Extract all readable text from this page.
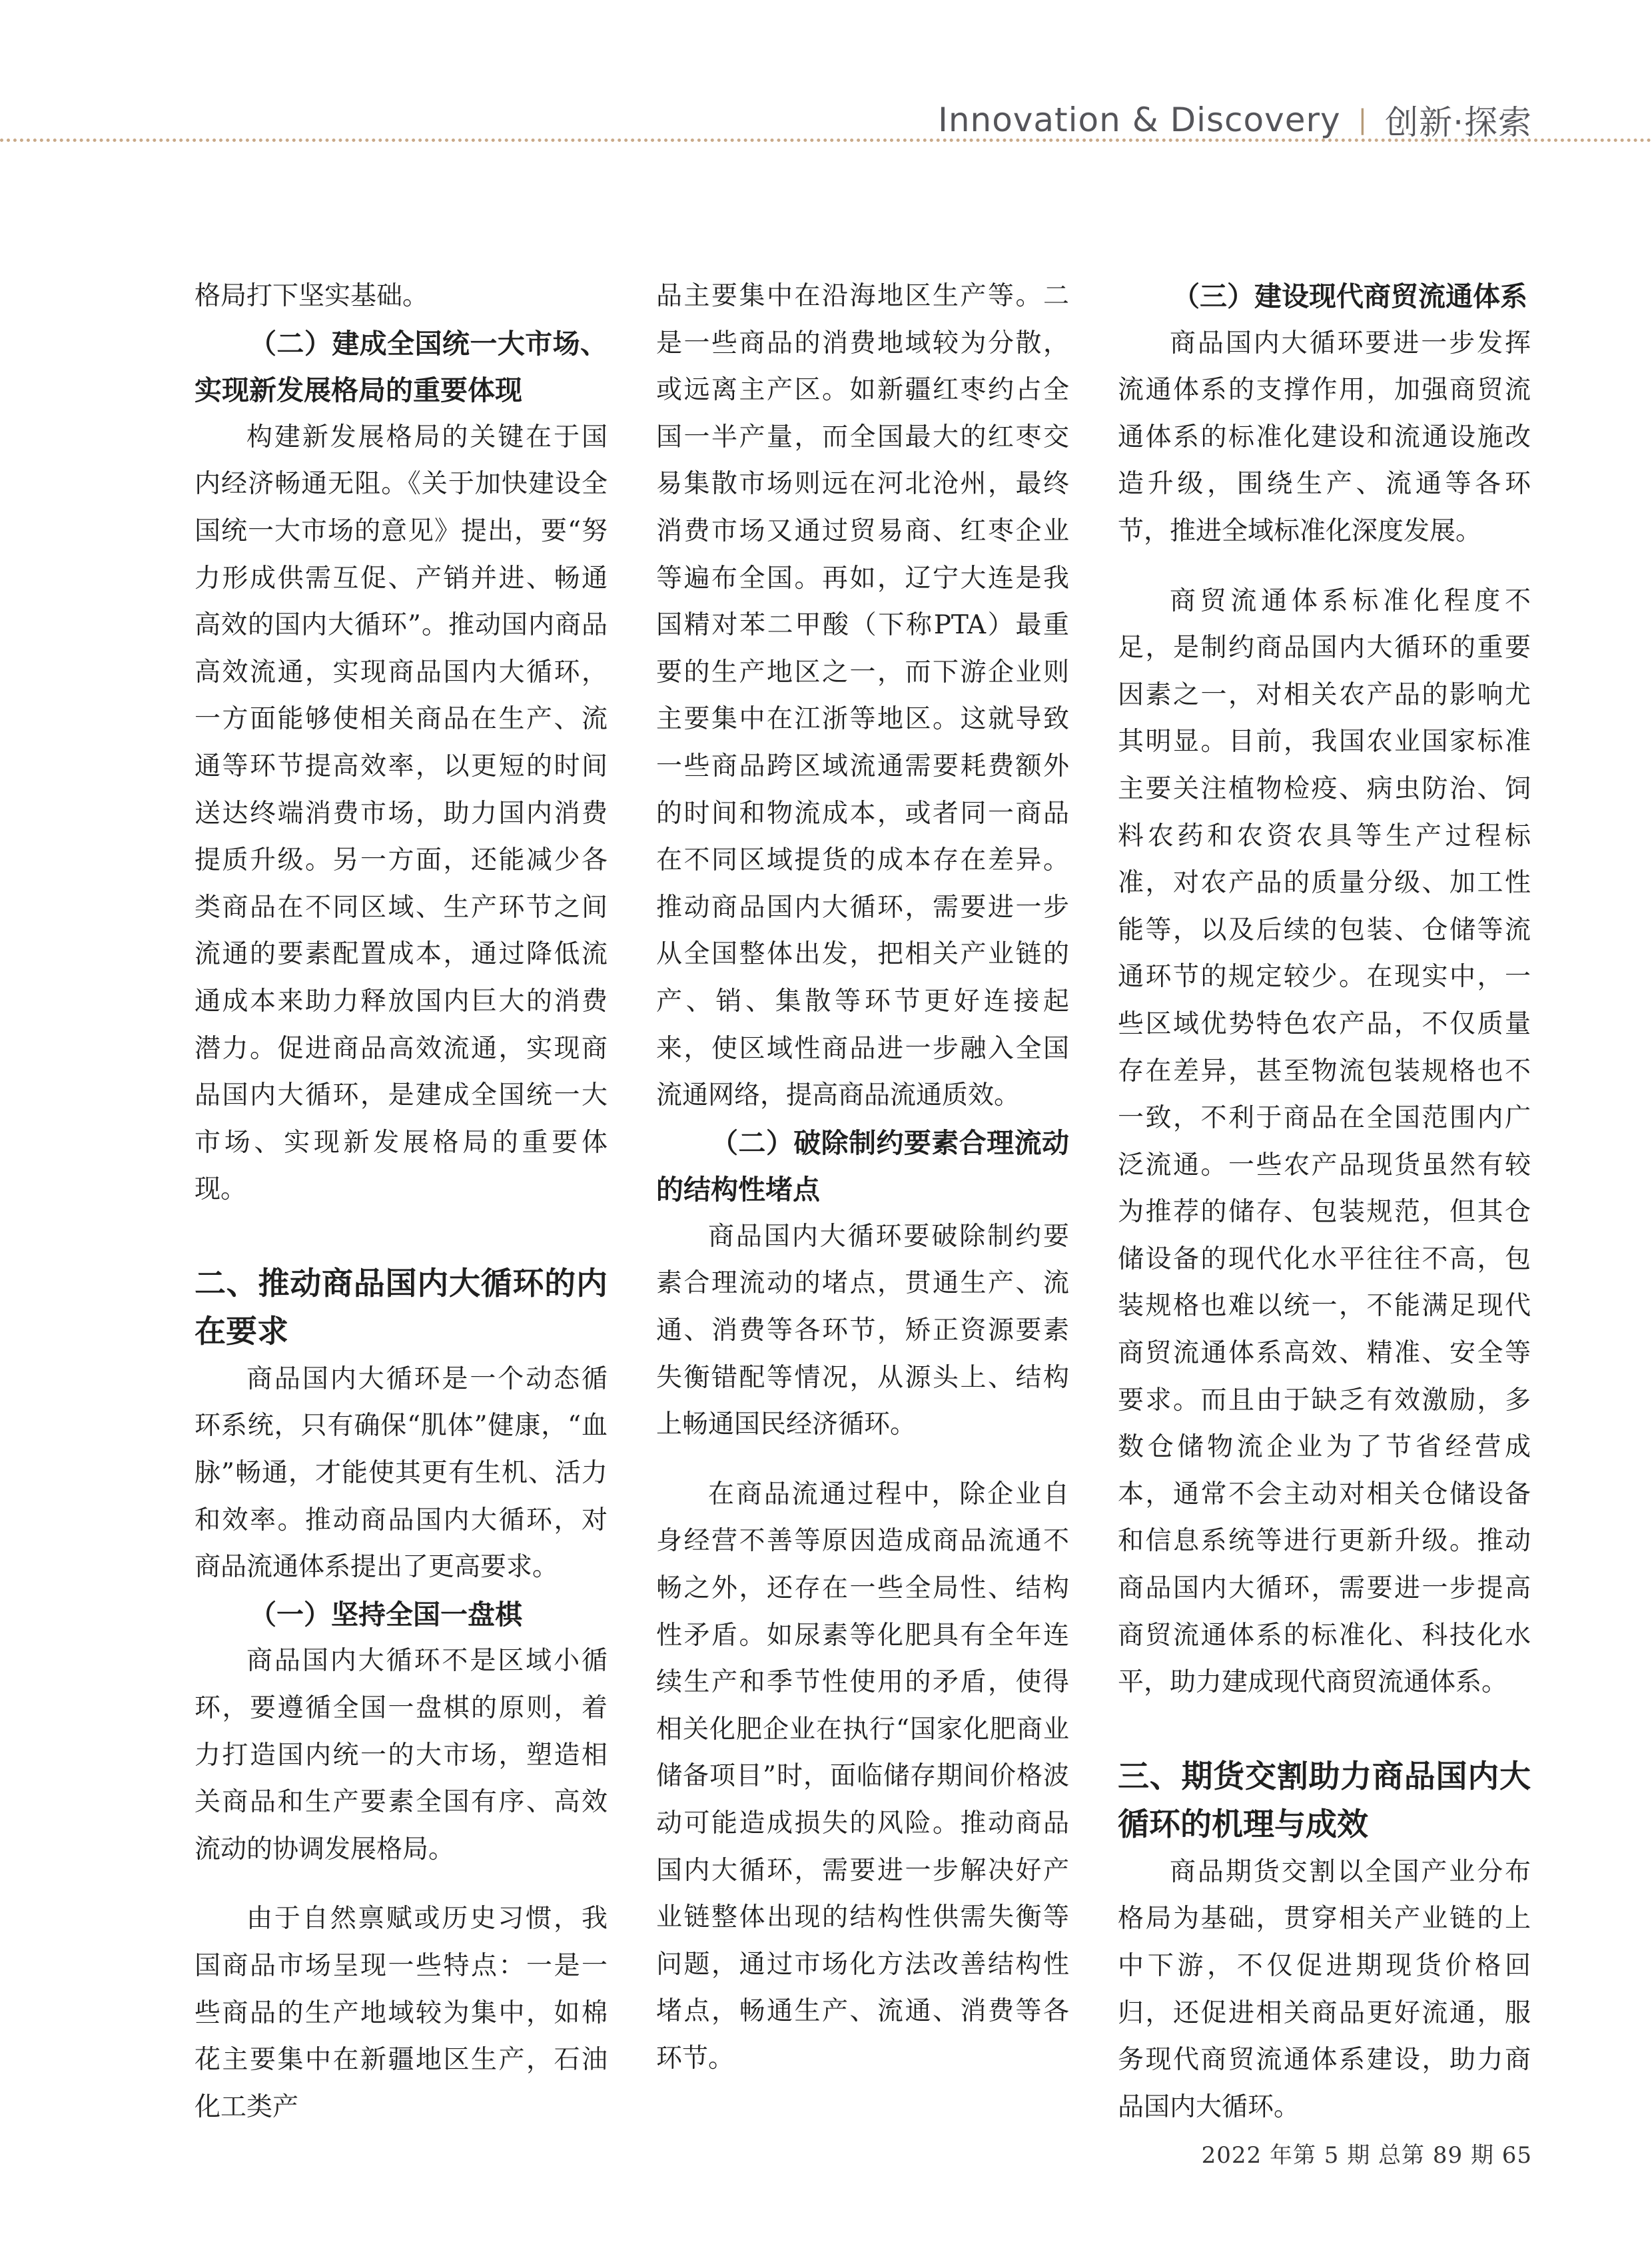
Innovation & Discovery | 创新·探索

格局打下坚实基础。

（二）建成全国统一大市场、实现新发展格局的重要体现

构建新发展格局的关键在于国内经济畅通无阻。《关于加快建设全国统一大市场的意见》提出，要“努力形成供需互促、产销并进、畅通高效的国内大循环”。推动国内商品高效流通，实现商品国内大循环，一方面能够使相关商品在生产、流通等环节提高效率，以更短的时间送达终端消费市场，助力国内消费提质升级。另一方面，还能减少各类商品在不同区域、生产环节之间流通的要素配置成本，通过降低流通成本来助力释放国内巨大的消费潜力。促进商品高效流通，实现商品国内大循环，是建成全国统一大市场、实现新发展格局的重要体现。

二、推动商品国内大循环的内在要求

商品国内大循环是一个动态循环系统，只有确保“肌体”健康，“血脉”畅通，才能使其更有生机、活力和效率。推动商品国内大循环，对商品流通体系提出了更高要求。

（一）坚持全国一盘棋

商品国内大循环不是区域小循环，要遵循全国一盘棋的原则，着力打造国内统一的大市场，塑造相关商品和生产要素全国有序、高效流动的协调发展格局。

由于自然禀赋或历史习惯，我国商品市场呈现一些特点：一是一些商品的生产地域较为集中，如棉花主要集中在新疆地区生产，石油化工类产

品主要集中在沿海地区生产等。二是一些商品的消费地域较为分散，或远离主产区。如新疆红枣约占全国一半产量，而全国最大的红枣交易集散市场则远在河北沧州，最终消费市场又通过贸易商、红枣企业等遍布全国。再如，辽宁大连是我国精对苯二甲酸（下称PTA）最重要的生产地区之一，而下游企业则主要集中在江浙等地区。这就导致一些商品跨区域流通需要耗费额外的时间和物流成本，或者同一商品在不同区域提货的成本存在差异。推动商品国内大循环，需要进一步从全国整体出发，把相关产业链的产、销、集散等环节更好连接起来，使区域性商品进一步融入全国流通网络，提高商品流通质效。

（二）破除制约要素合理流动的结构性堵点

商品国内大循环要破除制约要素合理流动的堵点，贯通生产、流通、消费等各环节，矫正资源要素失衡错配等情况，从源头上、结构上畅通国民经济循环。

在商品流通过程中，除企业自身经营不善等原因造成商品流通不畅之外，还存在一些全局性、结构性矛盾。如尿素等化肥具有全年连续生产和季节性使用的矛盾，使得相关化肥企业在执行“国家化肥商业储备项目”时，面临储存期间价格波动可能造成损失的风险。推动商品国内大循环，需要进一步解决好产业链整体出现的结构性供需失衡等问题，通过市场化方法改善结构性堵点，畅通生产、流通、消费等各环节。

（三）建设现代商贸流通体系

商品国内大循环要进一步发挥流通体系的支撑作用，加强商贸流通体系的标准化建设和流通设施改造升级，围绕生产、流通等各环节，推进全域标准化深度发展。

商贸流通体系标准化程度不足，是制约商品国内大循环的重要因素之一，对相关农产品的影响尤其明显。目前，我国农业国家标准主要关注植物检疫、病虫防治、饲料农药和农资农具等生产过程标准，对农产品的质量分级、加工性能等，以及后续的包装、仓储等流通环节的规定较少。在现实中，一些区域优势特色农产品，不仅质量存在差异，甚至物流包装规格也不一致，不利于商品在全国范围内广泛流通。一些农产品现货虽然有较为推荐的储存、包装规范，但其仓储设备的现代化水平往往不高，包装规格也难以统一，不能满足现代商贸流通体系高效、精准、安全等要求。而且由于缺乏有效激励，多数仓储物流企业为了节省经营成本，通常不会主动对相关仓储设备和信息系统等进行更新升级。推动商品国内大循环，需要进一步提高商贸流通体系的标准化、科技化水平，助力建成现代商贸流通体系。

三、期货交割助力商品国内大循环的机理与成效

商品期货交割以全国产业分布格局为基础，贯穿相关产业链的上中下游，不仅促进期现货价格回归，还促进相关商品更好流通，服务现代商贸流通体系建设，助力商品国内大循环。

2022 年第 5 期 总第 89 期 65
